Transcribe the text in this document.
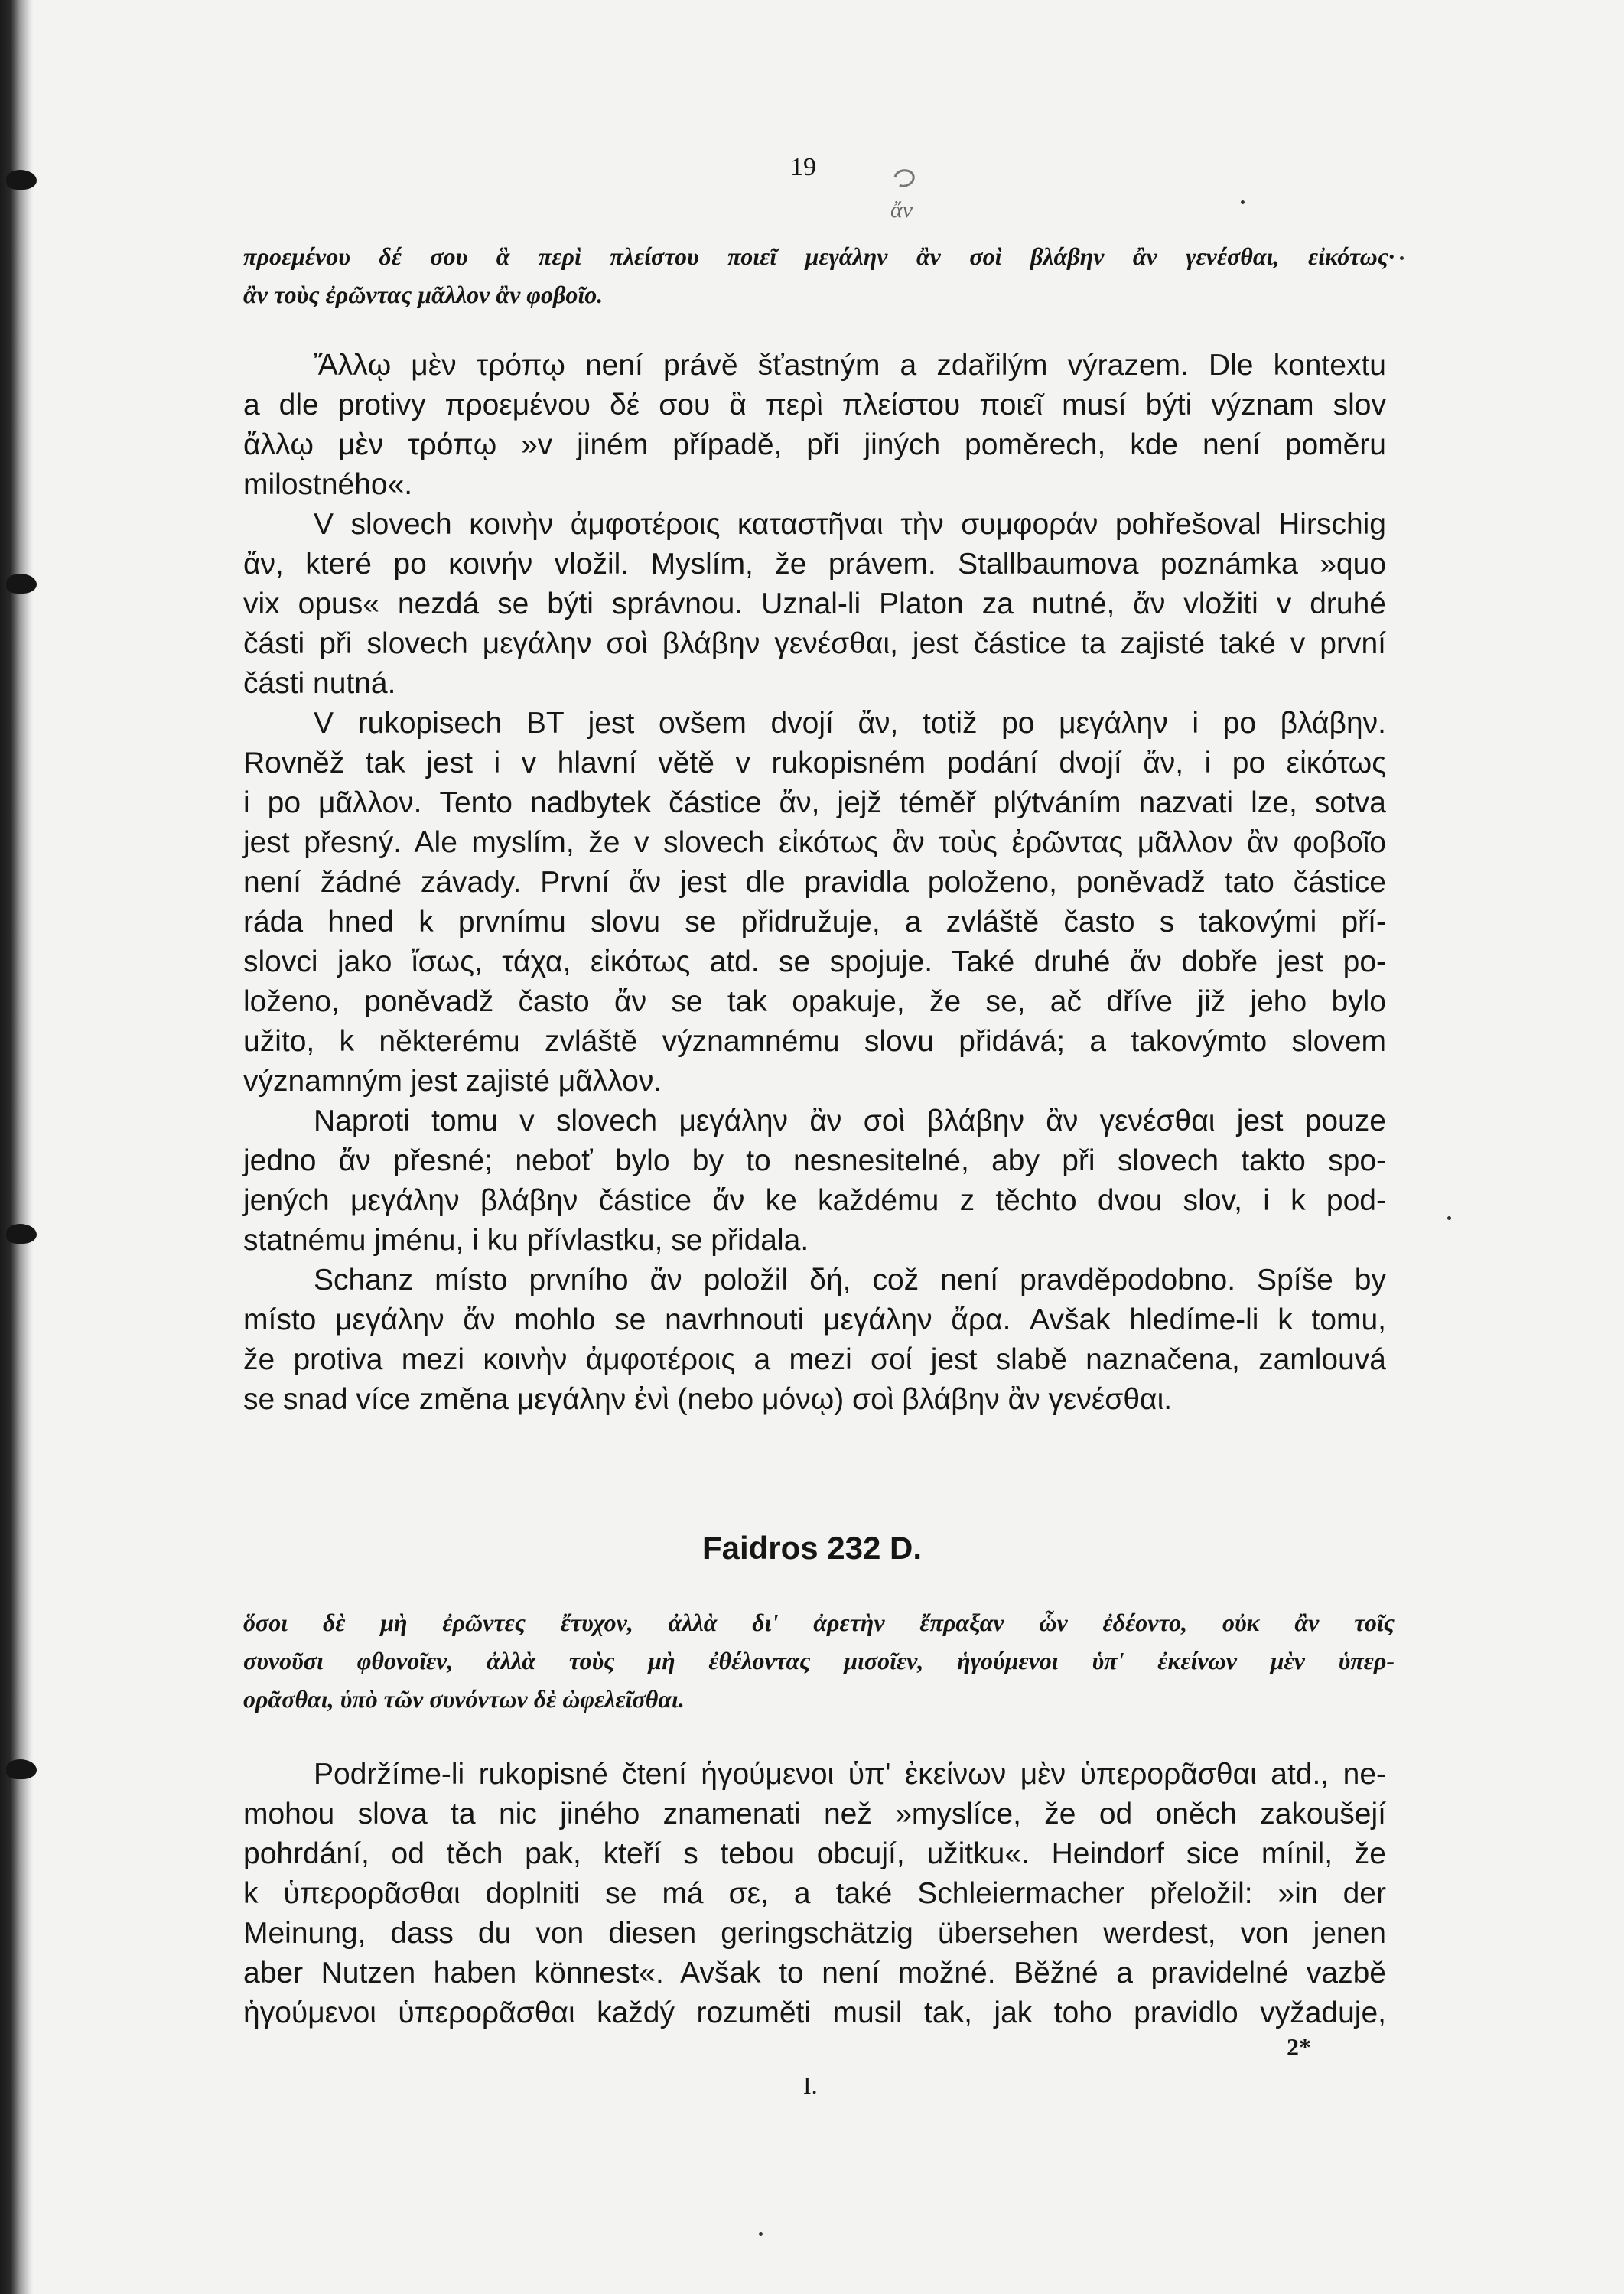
19
ἄν
προεμένου δέ σου ἃ περὶ πλείστου ποιεῖ μεγάλην ἂν σοὶ βλάβην ἂν γενέσθαι, εἰκότως·
ἂν τοὺς ἐρῶντας μᾶλλον ἂν φοβοῖο.

Ἄλλῳ μὲν τρόπῳ není právě šťastným a zdařilým výrazem. Dle kontextu
a dle protivy προεμένου δέ σου ἃ περὶ πλείστου ποιεῖ musí býti význam slov
ἄλλῳ μὲν τρόπῳ »v jiném případě, při jiných poměrech, kde není poměru
milostného«.

V slovech κοινὴν ἀμφοτέροις καταστῆναι τὴν συμφοράν pohřešoval Hirschig
ἄν, které po κοινήν vložil. Myslím, že právem. Stallbaumova poznámka »quo
vix opus« nezdá se býti správnou. Uznal-li Platon za nutné, ἄν vložiti v druhé
části při slovech μεγάλην σοὶ βλάβην γενέσθαι, jest částice ta zajisté také v první
části nutná.

V rukopisech BT jest ovšem dvojí ἄν, totiž po μεγάλην i po βλάβην.
Rovněž tak jest i v hlavní větě v rukopisném podání dvojí ἄν, i po εἰκότως
i po μᾶλλον. Tento nadbytek částice ἄν, jejž téměř plýtváním nazvati lze, sotva
jest přesný. Ale myslím, že v slovech εἰκότως ἂν τοὺς ἐρῶντας μᾶλλον ἂν φοβοῖο
není žádné závady. První ἄν jest dle pravidla položeno, poněvadž tato částice
ráda hned k prvnímu slovu se přidružuje, a zvláště často s takovými pří-
slovci jako ἴσως, τάχα, εἰκότως atd. se spojuje. Také druhé ἄν dobře jest po-
loženo, poněvadž často ἄν se tak opakuje, že se, ač dříve již jeho bylo
užito, k některému zvláště významnému slovu přidává; a takovýmto slovem
významným jest zajisté μᾶλλον.

Naproti tomu v slovech μεγάλην ἂν σοὶ βλάβην ἂν γενέσθαι jest pouze
jedno ἄν přesné; neboť bylo by to nesnesitelné, aby při slovech takto spo-
jených μεγάλην βλάβην částice ἄν ke každému z těchto dvou slov, i k pod-
statnému jménu, i ku přívlastku, se přidala.

Schanz místo prvního ἄν položil δή, což není pravděpodobno. Spíše by
místo μεγάλην ἄν mohlo se navrhnouti μεγάλην ἄρα. Avšak hledíme-li k tomu,
že protiva mezi κοινὴν ἀμφοτέροις a mezi σοί jest slabě naznačena, zamlouvá
se snad více změna μεγάλην ἐνὶ (nebo μόνῳ) σοὶ βλάβην ἂν γενέσθαι.

Faidros 232 D.
ὅσοι δὲ μὴ ἐρῶντες ἔτυχον, ἀλλὰ δι' ἀρετὴν ἔπραξαν ὧν ἐδέοντο, οὐκ ἂν τοῖς
συνοῦσι φθονοῖεν, ἀλλὰ τοὺς μὴ ἐθέλοντας μισοῖεν, ἡγούμενοι ὑπ' ἐκείνων μὲν ὑπερ-
ορᾶσθαι, ὑπὸ τῶν συνόντων δὲ ὠφελεῖσθαι.

Podržíme-li rukopisné čtení ἡγούμενοι ὑπ' ἐκείνων μὲν ὑπερορᾶσθαι atd., ne-
mohou slova ta nic jiného znamenati než »myslíce, že od oněch zakoušejí
pohrdání, od těch pak, kteří s tebou obcují, užitku«. Heindorf sice mínil, že
k ὑπερορᾶσθαι doplniti se má σε, a také Schleiermacher přeložil: »in der
Meinung, dass du von diesen geringschätzig übersehen werdest, von jenen
aber Nutzen haben könnest«. Avšak to není možné. Běžné a pravidelné vazbě
ἡγούμενοι ὑπερορᾶσθαι každý rozuměti musil tak, jak toho pravidlo vyžaduje,

2*
I.
